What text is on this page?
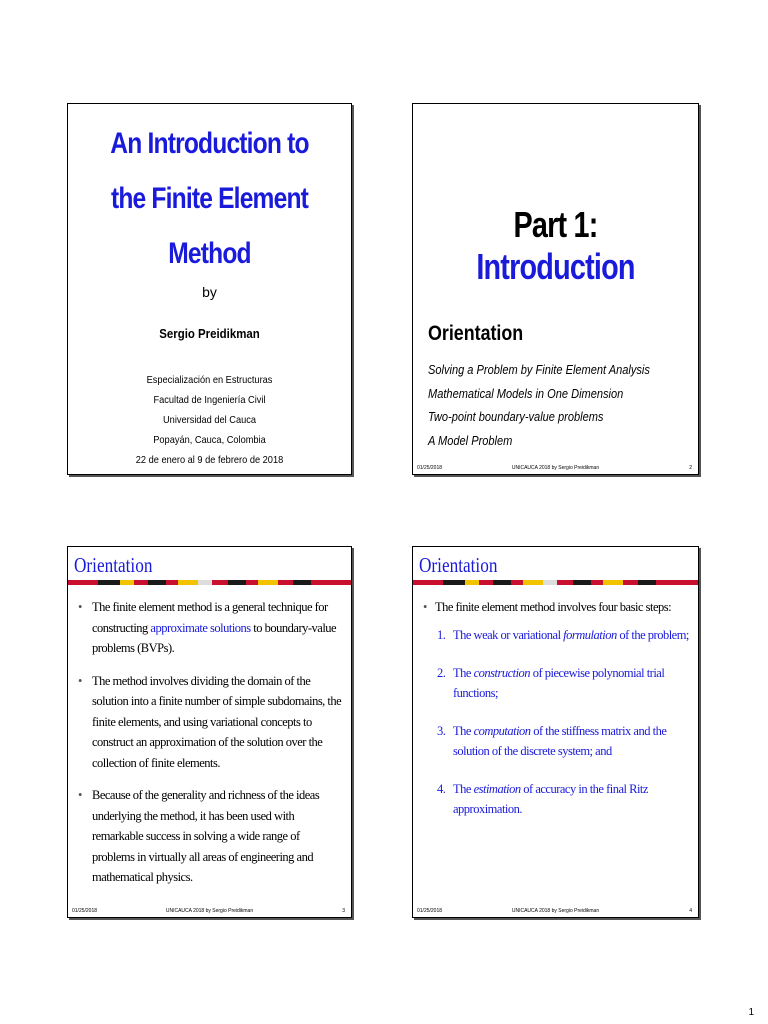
An Introduction to
the Finite Element
Method
by
Sergio Preidikman
Especialización en Estructuras
Facultad de Ingeniería Civil
Universidad del Cauca
Popayán, Cauca, Colombia
22 de enero al 9 de febrero de 2018
Part 1: Introduction
Orientation
Solving a Problem by Finite Element Analysis
Mathematical Models in One Dimension
Two-point boundary-value problems
A Model Problem
01/25/2018	UNICAUCA 2018 by Sergio Preidikman	2
Orientation
• The finite element method is a general technique for constructing approximate solutions to boundary-value problems (BVPs).
• The method involves dividing the domain of the solution into a finite number of simple subdomains, the finite elements, and using variational concepts to construct an approximation of the solution over the collection of finite elements.
• Because of the generality and richness of the ideas underlying the method, it has been used with remarkable success in solving a wide range of problems in virtually all areas of engineering and mathematical physics.
01/25/2018	UNICAUCA 2018 by Sergio Preidikman	3
Orientation
• The finite element method involves four basic steps:
1. The weak or variational formulation of the problem;
2. The construction of piecewise polynomial trial functions;
3. The computation of the stiffness matrix and the solution of the discrete system; and
4. The estimation of accuracy in the final Ritz approximation.
01/25/2018	UNICAUCA 2018 by Sergio Preidikman	4
1
